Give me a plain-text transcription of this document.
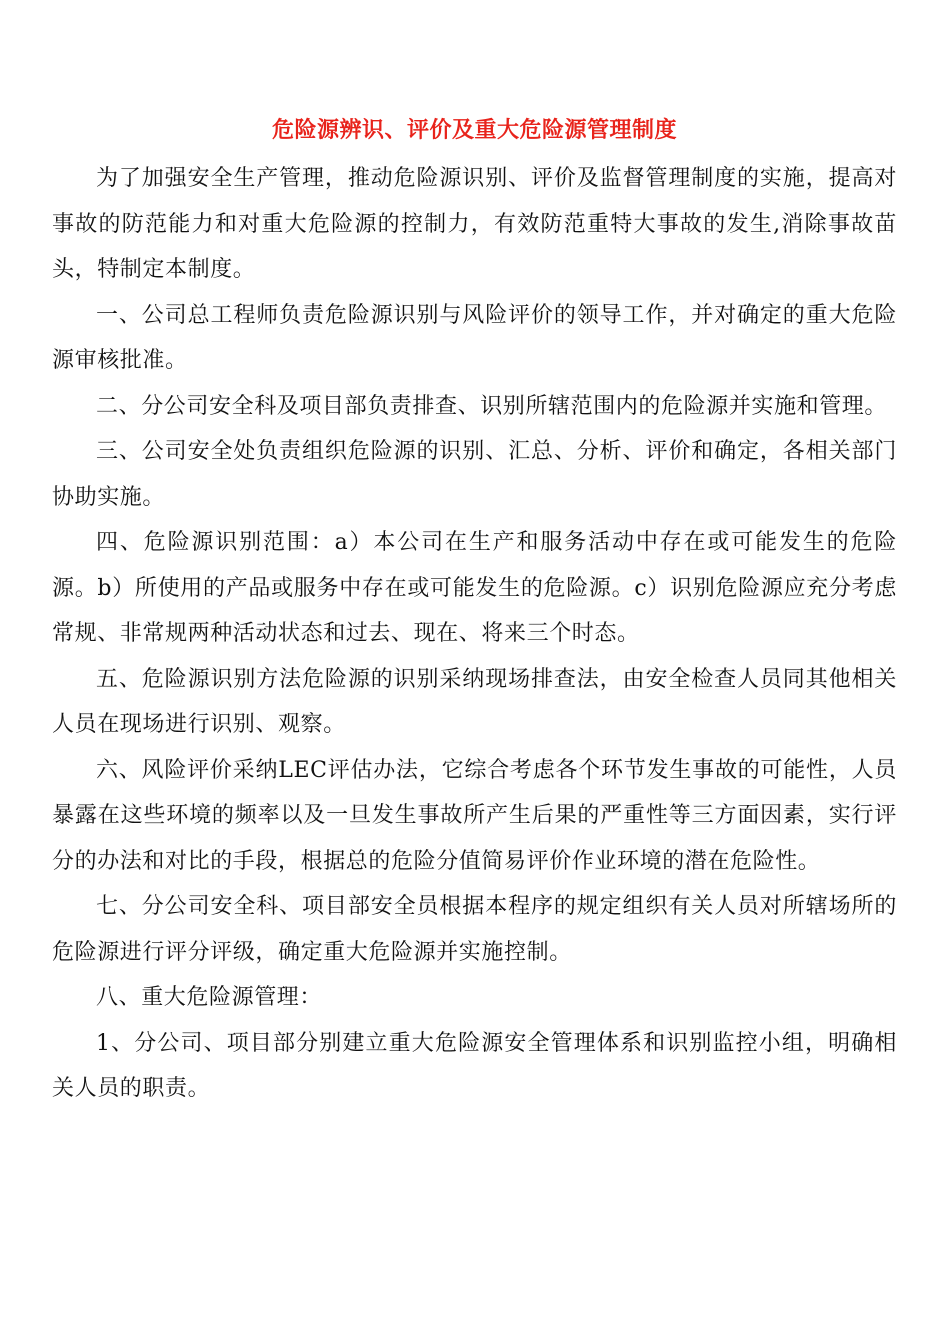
危险源辨识、评价及重大危险源管理制度

为了加强安全生产管理，推动危险源识别、评价及监督管理制度的实施，提高对事故的防范能力和对重大危险源的控制力，有效防范重特大事故的发生,消除事故苗头，特制定本制度。

一、公司总工程师负责危险源识别与风险评价的领导工作，并对确定的重大危险源审核批准。

二、分公司安全科及项目部负责排查、识别所辖范围内的危险源并实施和管理。

三、公司安全处负责组织危险源的识别、汇总、分析、评价和确定，各相关部门协助实施。

四、危险源识别范围：a）本公司在生产和服务活动中存在或可能发生的危险源。b）所使用的产品或服务中存在或可能发生的危险源。c）识别危险源应充分考虑常规、非常规两种活动状态和过去、现在、将来三个时态。

五、危险源识别方法危险源的识别采纳现场排查法，由安全检查人员同其他相关人员在现场进行识别、观察。

六、风险评价采纳LEC评估办法，它综合考虑各个环节发生事故的可能性，人员暴露在这些环境的频率以及一旦发生事故所产生后果的严重性等三方面因素，实行评分的办法和对比的手段，根据总的危险分值简易评价作业环境的潜在危险性。

七、分公司安全科、项目部安全员根据本程序的规定组织有关人员对所辖场所的危险源进行评分评级，确定重大危险源并实施控制。

八、重大危险源管理：

1、分公司、项目部分别建立重大危险源安全管理体系和识别监控小组，明确相关人员的职责。
